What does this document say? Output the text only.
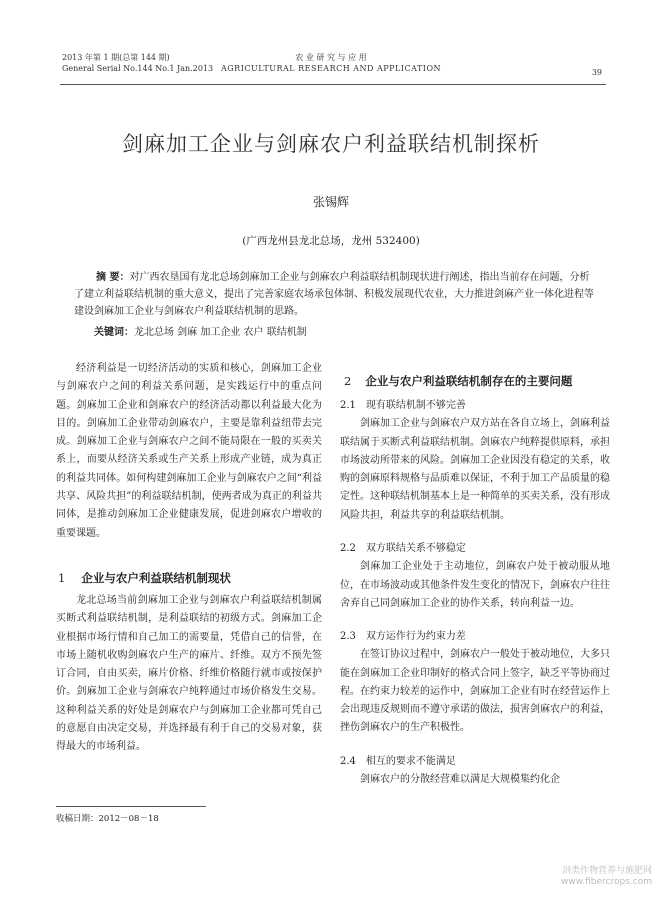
2013 年第 1 期(总第 144 期)
General Serial No.144 No.1 Jan.2013
农 业 研 究 与 应 用
AGRICULTURAL RESEARCH AND APPLICATION	39
剑麻加工企业与剑麻农户利益联结机制探析
张锡辉
(广西龙州县龙北总场，龙州 532400)
摘 要：对广西农垦国有龙北总场剑麻加工企业与剑麻农户利益联结机制现状进行阐述，指出当前存在问题，分析了建立利益联结机制的重大意义，提出了完善家庭农场承包体制、积极发展现代农业，大力推进剑麻产业一体化进程等建设剑麻加工企业与剑麻农户利益联结机制的思路。
关键词：龙北总场 剑麻 加工企业 农户 联结机制

经济利益是一切经济活动的实质和核心，剑麻加工企业与剑麻农户之间的利益关系问题，是实践运行中的重点问题。剑麻加工企业和剑麻农户的经济活动都以利益最大化为目的。剑麻加工企业带动剑麻农户，主要是靠利益纽带去完成。剑麻加工企业与剑麻农户之间不能局限在一般的买卖关系上，而要从经济关系或生产关系上形成产业链，成为真正的利益共同体。如何构建剑麻加工企业与剑麻农户之间“利益共享、风险共担”的利益联结机制，使两者成为真正的利益共同体，是推动剑麻加工企业健康发展，促进剑麻农户增收的重要课题。

1 企业与农户利益联结机制现状

龙北总场当前剑麻加工企业与剑麻农户利益联结机制属买断式利益联结机制，是利益联结的初级方式。剑麻加工企业根据市场行情和自己加工的需要量，凭借自己的信誉，在市场上随机收购剑麻农户生产的麻片、纤维。双方不预先签订合同，自由买卖，麻片价格、纤维价格随行就市或按保护价。剑麻加工企业与剑麻农户纯粹通过市场价格发生交易。这种利益关系的好处是剑麻农户与剑麻加工企业都可凭自己的意愿自由决定交易，并选择最有利于自己的交易对象，获得最大的市场利益。

2 企业与农户利益联结机制存在的主要问题
2.1 现有联结机制不够完善

剑麻加工企业与剑麻农户双方站在各自立场上，剑麻利益联结属于买断式利益联结机制。剑麻农户纯粹提供原料，承担市场波动所带来的风险。剑麻加工企业因没有稳定的关系，收购的剑麻原料规格与品质难以保证，不利于加工产品质量的稳定性。这种联结机制基本上是一种简单的买卖关系，没有形成风险共担，利益共享的利益联结机制。

2.2 双方联结关系不够稳定

剑麻加工企业处于主动地位，剑麻农户处于被动服从地位，在市场波动或其他条件发生变化的情况下，剑麻农户往往舍弃自己同剑麻加工企业的协作关系，转向利益一边。

2.3 双方运作行为约束力差

在签订协议过程中，剑麻农户一般处于被动地位，大多只能在剑麻加工企业印制好的格式合同上签字，缺乏平等协商过程。在约束力较差的运作中，剑麻加工企业有时在经营运作上会出现违反规则而不遵守承诺的做法，损害剑麻农户的利益，挫伤剑麻农户的生产积极性。

2.4 相互的要求不能满足

剑麻农户的分散经营难以满足大规模集约化企

收稿日期：2012－08－18
剑类作物营养与施肥网
www.fibercrops.com
